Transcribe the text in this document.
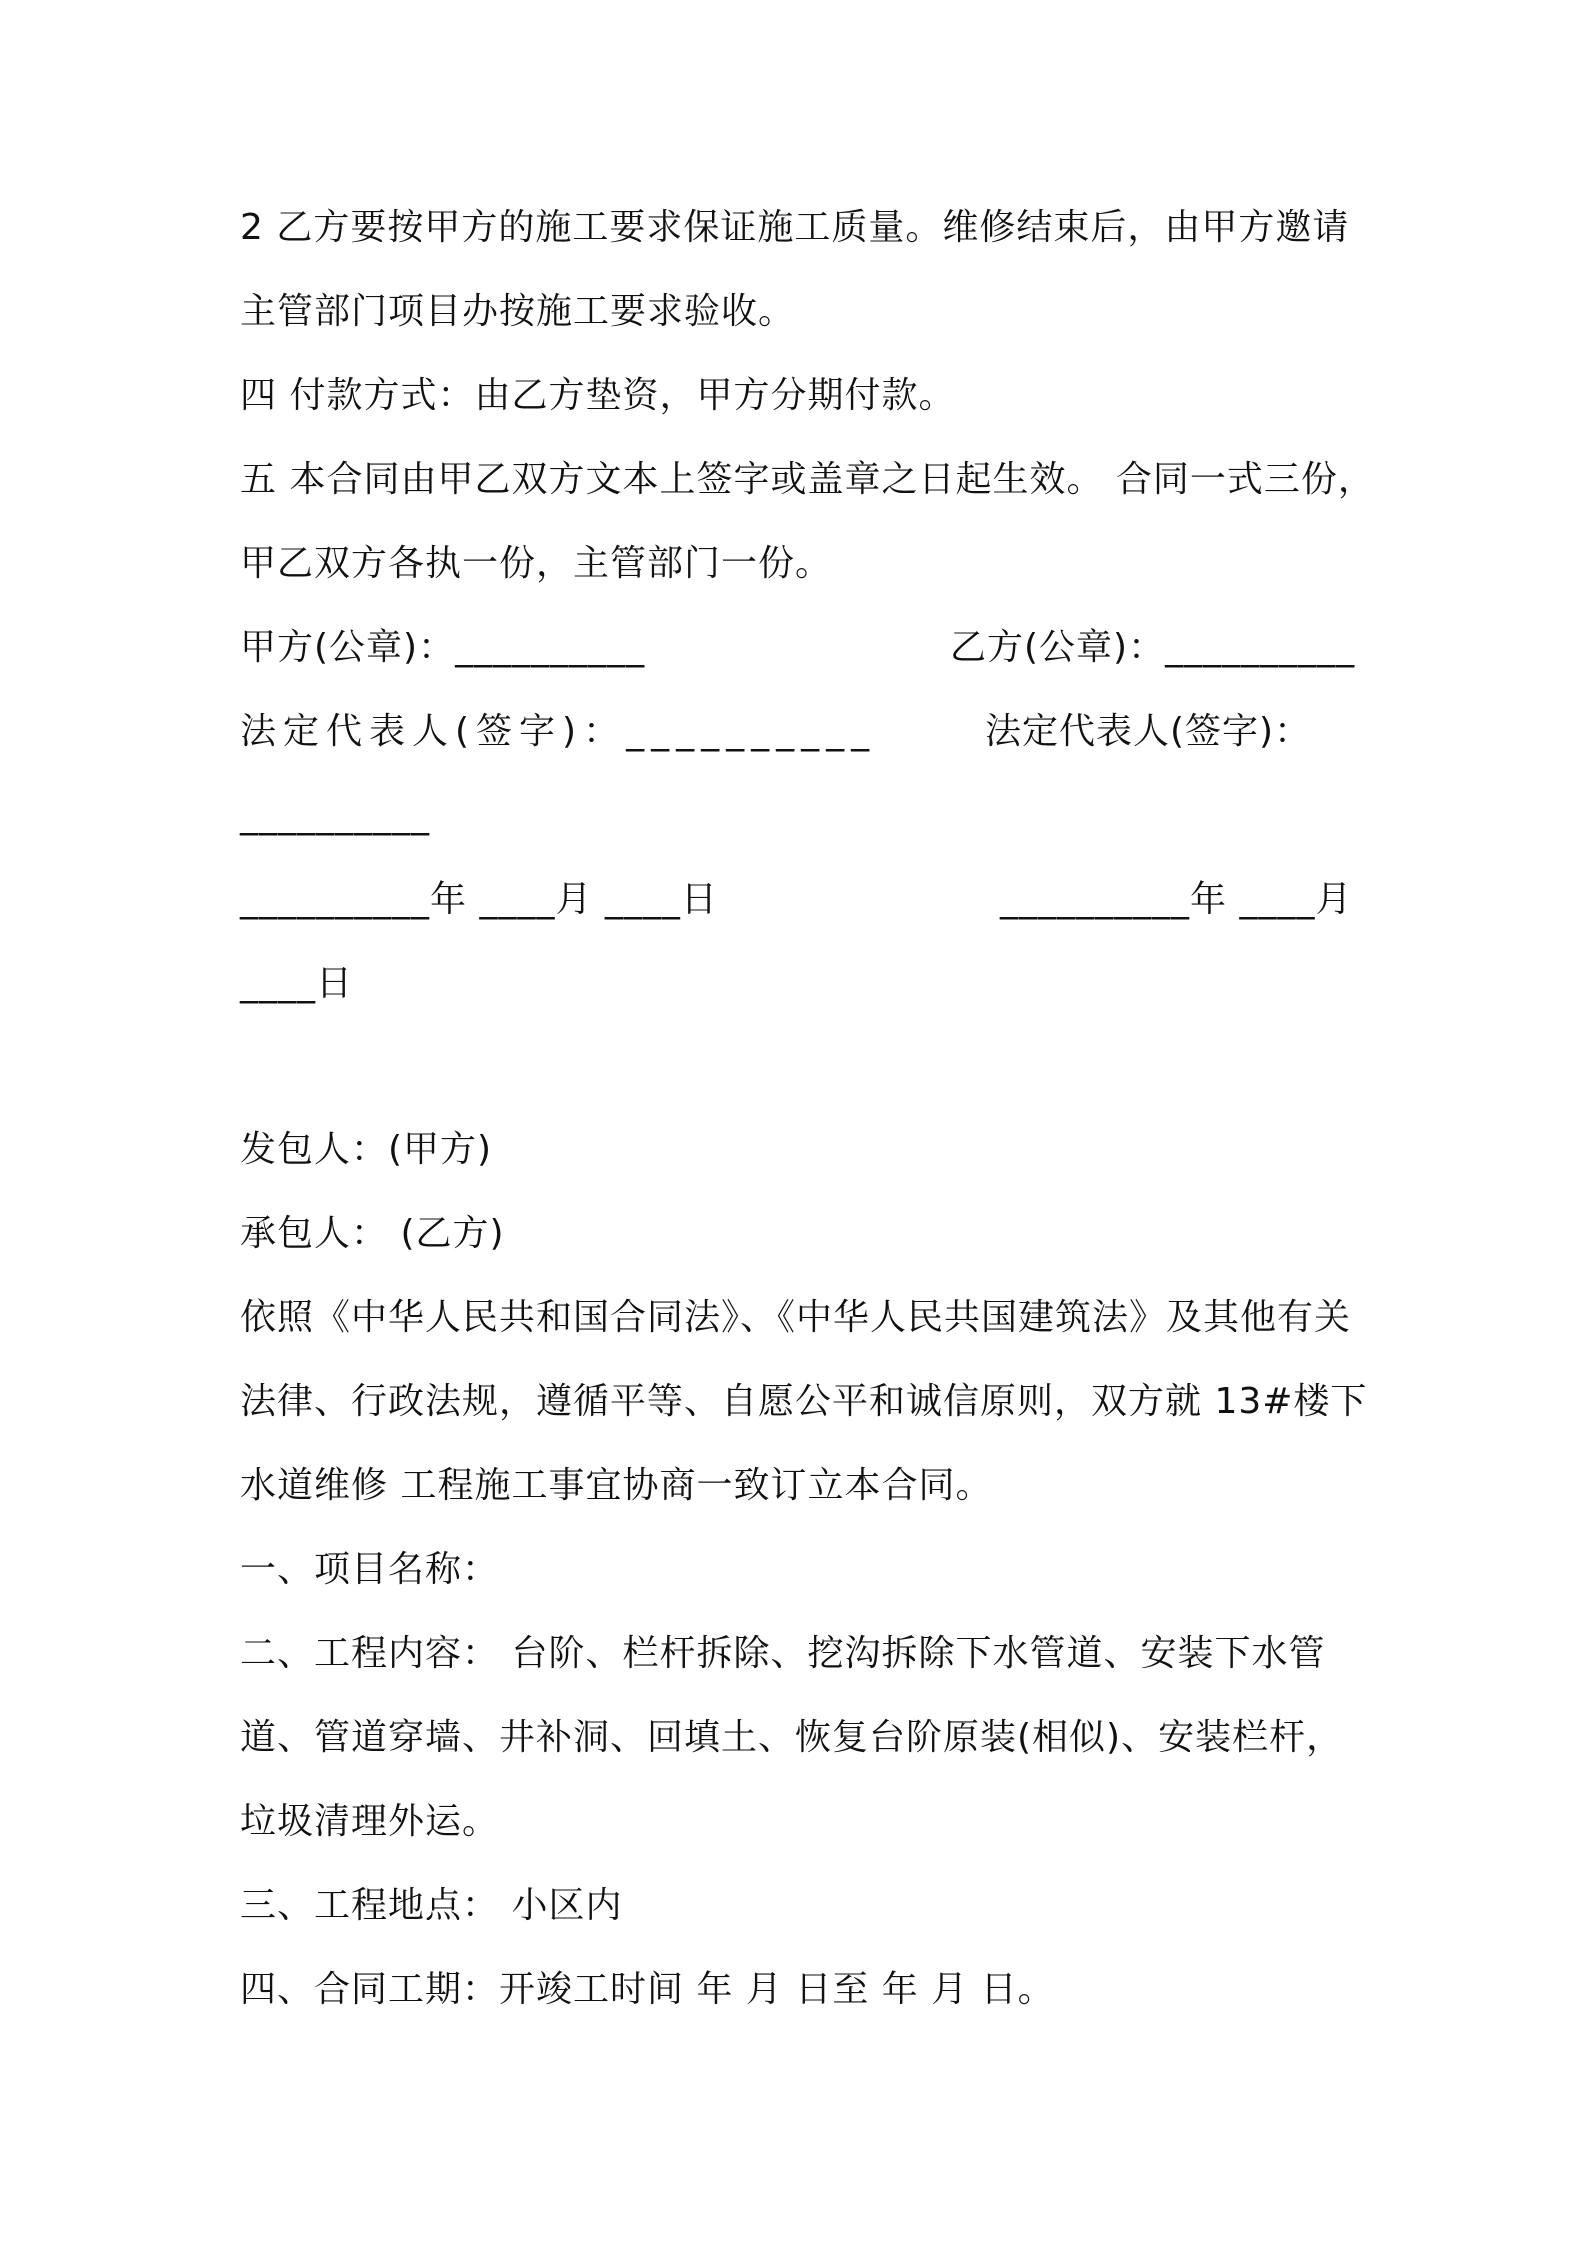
2 乙方要按甲方的施工要求保证施工质量。维修结束后，由甲方邀请
主管部门项目办按施工要求验收。
四 付款方式：由乙方垫资，甲方分期付款。
五 本合同由甲乙双方文本上签字或盖章之日起生效。 合同一式三份，
甲乙双方各执一份，主管部门一份。
甲方(公章)：__________	乙方(公章)：__________
法定代表人(签字)：__________	法定代表人(签字)：
__________
__________年 ____月 ____日	__________年 ____月
____日
发包人：(甲方)
承包人： (乙方)
依照《中华人民共和国合同法》、《中华人民共国建筑法》及其他有关
法律、行政法规，遵循平等、自愿公平和诚信原则，双方就 13#楼下
水道维修 工程施工事宜协商一致订立本合同。
一、项目名称：
二、工程内容： 台阶、栏杆拆除、挖沟拆除下水管道、安装下水管
道、管道穿墙、井补洞、回填土、恢复台阶原装(相似)、安装栏杆，
垃圾清理外运。
三、工程地点： 小区内
四、合同工期：开竣工时间 年 月 日至 年 月 日。
